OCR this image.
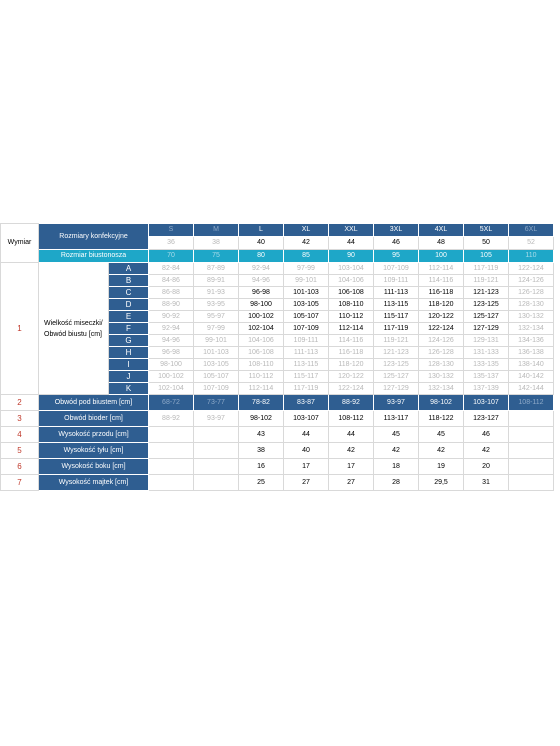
Wymiar	Rozmiary konfekcyjne		S	M	L	XL	XXL	3XL	4XL	5XL	6XL
			36	38	40	42	44	46	48	50	52
	Rozmiar biustonosza		70	75	80	85	90	95	100	105	110
1	Wielkość miseczki/
Obwód biustu [cm]	A	82-84	87-89	92-94	97-99	103-104	107-109	112-114	117-119	122-124
		B	84-86	89-91	94-96	99-101	104-106	109-111	114-116	119-121	124-126
		C	86-88	91-93	96-98	101-103	106-108	111-113	116-118	121-123	126-128
		D	88-90	93-95	98-100	103-105	108-110	113-115	118-120	123-125	128-130
		E	90-92	95-97	100-102	105-107	110-112	115-117	120-122	125-127	130-132
		F	92-94	97-99	102-104	107-109	112-114	117-119	122-124	127-129	132-134
		G	94-96	99-101	104-106	109-111	114-116	119-121	124-126	129-131	134-136
		H	96-98	101-103	106-108	111-113	116-118	121-123	126-128	131-133	136-138
		I	98-100	103-105	108-110	113-115	118-120	123-125	128-130	133-135	138-140
		J	100-102	105-107	110-112	115-117	120-122	125-127	130-132	135-137	140-142
		K	102-104	107-109	112-114	117-119	122-124	127-129	132-134	137-139	142-144
2	Obwód pod biustem [cm]		68-72	73-77	78-82	83-87	88-92	93-97	98-102	103-107	108-112
3	Obwód bioder [cm]		88-92	93-97	98-102	103-107	108-112	113-117	118-122	123-127	
4	Wysokość przodu [cm]				43	44	44	45	45	46	
5	Wysokość tyłu [cm]				38	40	42	42	42	42	
6	Wysokość boku [cm]				16	17	17	18	19	20	
7	Wysokość majtek [cm]				25	27	27	28	29,5	31	
